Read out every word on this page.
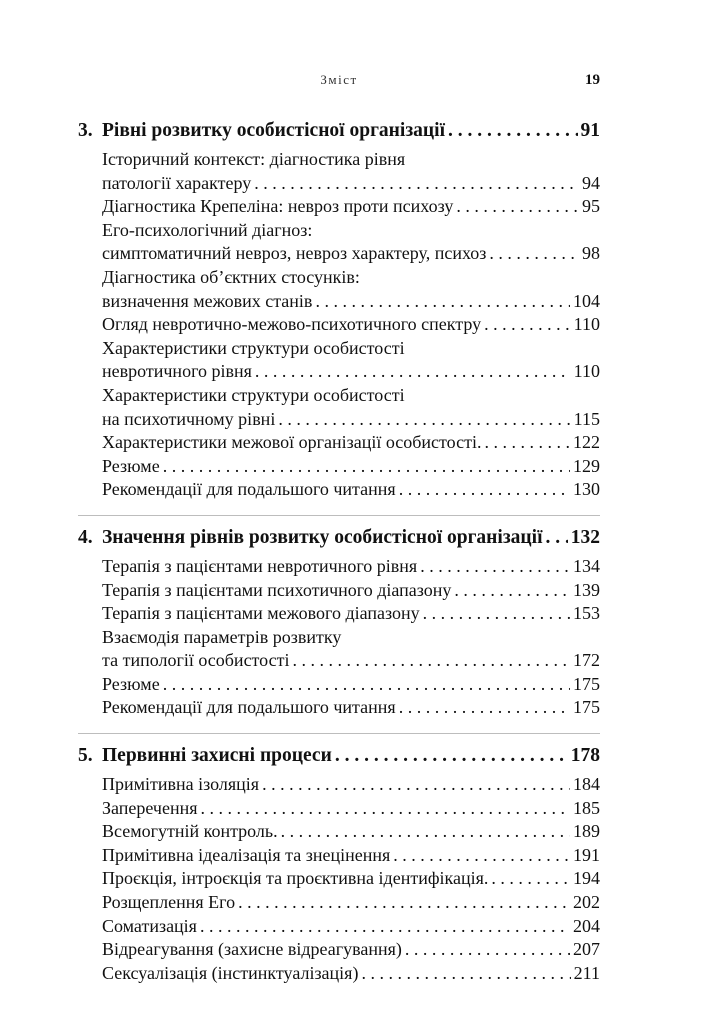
Зміст	19
3. Рівні розвитку особистісної організації . . .	91
Історичний контекст: діагностика рівня
патології характеру . . .	94
Діагностика Крепеліна: невроз проти психозу . . .	95
Его-психологічний діагноз:
симптоматичний невроз, невроз характеру, психоз . . .	98
Діагностика об’єктних стосунків:
визначення межових станів . . .	104
Огляд невротично-межово-психотичного спектру . . .	110
Характеристики структури особистості
невротичного рівня . . .	110
Характеристики структури особистості
на психотичному рівні . . .	115
Характеристики межової організації особистості. . . .	122
Резюме . . .	129
Рекомендації для подальшого читання . . .	130
4. Значення рівнів розвитку особистісної організації . . . 132
Терапія з пацієнтами невротичного рівня . . .	134
Терапія з пацієнтами психотичного діапазону . . .	139
Терапія з пацієнтами межового діапазону . . .	153
Взаємодія параметрів розвитку
та типології особистості . . .	172
Резюме . . .	175
Рекомендації для подальшого читання . . .	175
5. Первинні захисні процеси . . .	178
Примітивна ізоляція . . .	184
Заперечення . . .	185
Всемогутній контроль. . . .	189
Примітивна ідеалізація та знецінення . . .	191
Проєкція, інтроєкція та проєктивна ідентифікація. . . .	194
Розщеплення Его . . .	202
Соматизація . . .	204
Відреагування (захисне відреагування) . . .	207
Сексуалізація (інстинктуалізація) . . .	211
